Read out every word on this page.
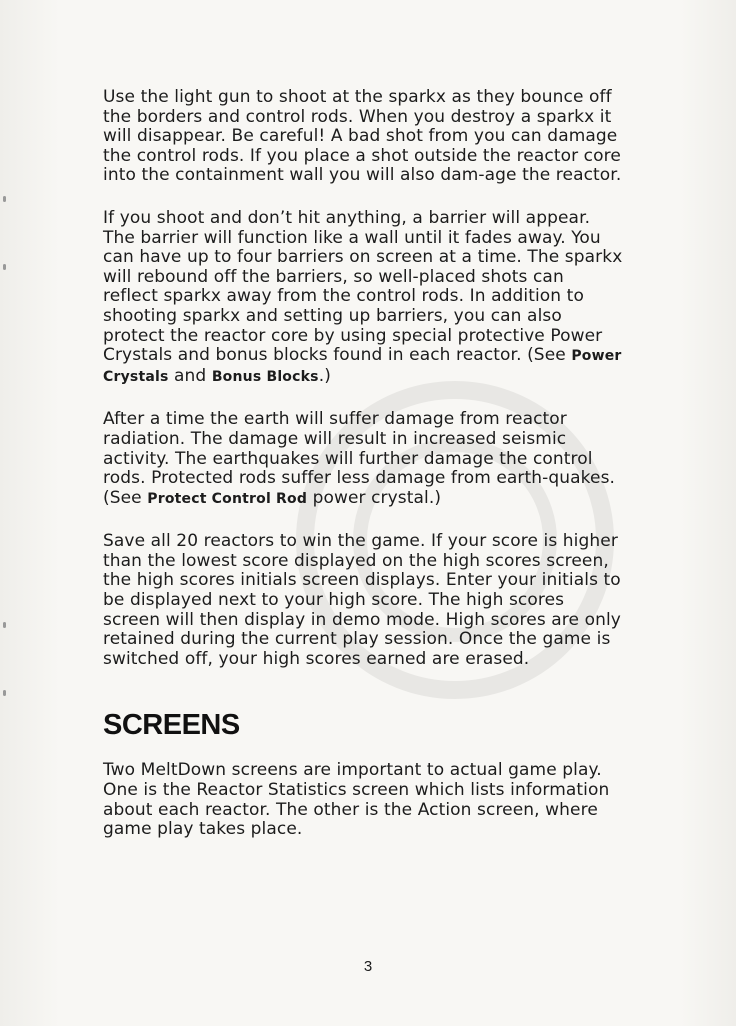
Use the light gun to shoot at the sparkx as they bounce off the borders and control rods. When you destroy a sparkx it will disappear. Be careful! A bad shot from you can damage the control rods. If you place a shot outside the reactor core into the containment wall you will also dam-age the reactor.

If you shoot and don’t hit anything, a barrier will appear. The barrier will function like a wall until it fades away. You can have up to four barriers on screen at a time. The sparkx will rebound off the barriers, so well-placed shots can reflect sparkx away from the control rods. In addition to shooting sparkx and setting up barriers, you can also protect the reactor core by using special protective Power Crystals and bonus blocks found in each reactor. (See Power Crystals and Bonus Blocks.)

After a time the earth will suffer damage from reactor radiation. The damage will result in increased seismic activity. The earthquakes will further damage the control rods. Protected rods suffer less damage from earth-quakes. (See Protect Control Rod power crystal.)

Save all 20 reactors to win the game. If your score is higher than the lowest score displayed on the high scores screen, the high scores initials screen displays. Enter your initials to be displayed next to your high score. The high scores screen will then display in demo mode. High scores are only retained during the current play session. Once the game is switched off, your high scores earned are erased.

SCREENS

Two MeltDown screens are important to actual game play. One is the Reactor Statistics screen which lists information about each reactor. The other is the Action screen, where game play takes place.

3
